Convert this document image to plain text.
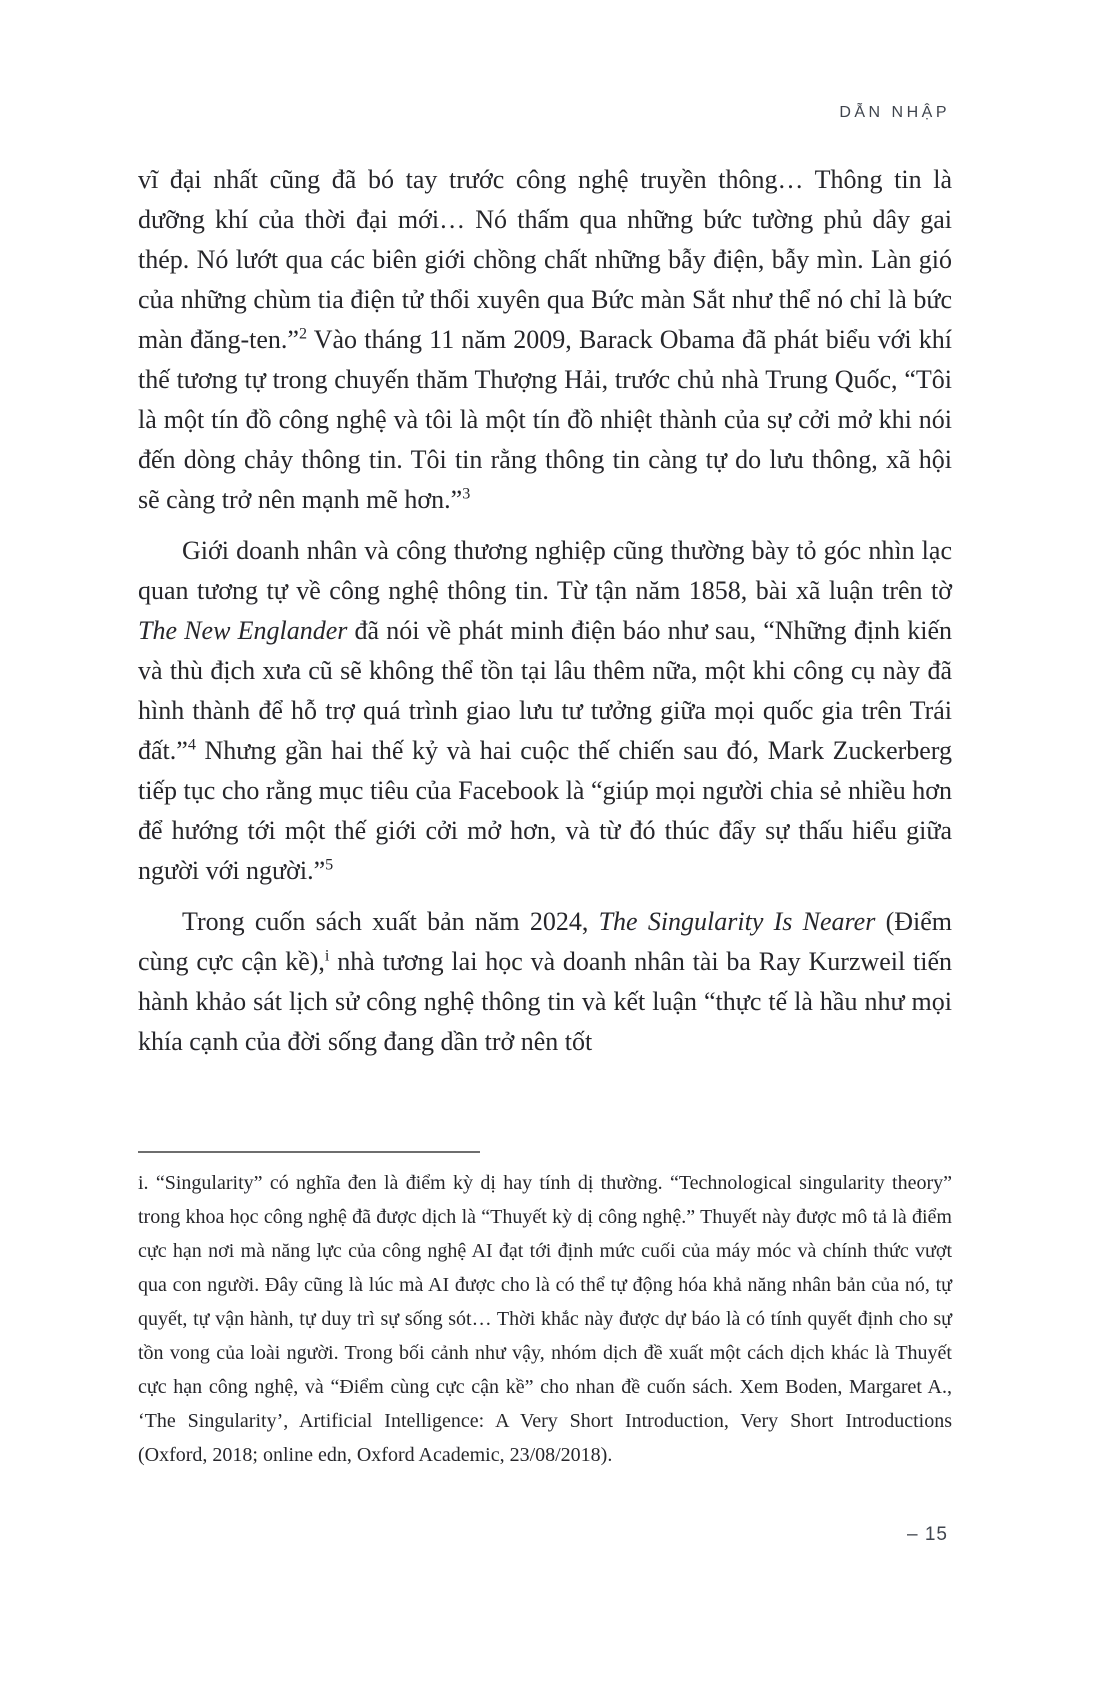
DẪN NHẬP

vĩ đại nhất cũng đã bó tay trước công nghệ truyền thông… Thông tin là dưỡng khí của thời đại mới… Nó thấm qua những bức tường phủ dây gai thép. Nó lướt qua các biên giới chồng chất những bẫy điện, bẫy mìn. Làn gió của những chùm tia điện tử thổi xuyên qua Bức màn Sắt như thể nó chỉ là bức màn đăng-ten.”$^2$ Vào tháng 11 năm 2009, Barack Obama đã phát biểu với khí thế tương tự trong chuyến thăm Thượng Hải, trước chủ nhà Trung Quốc, “Tôi là một tín đồ công nghệ và tôi là một tín đồ nhiệt thành của sự cởi mở khi nói đến dòng chảy thông tin. Tôi tin rằng thông tin càng tự do lưu thông, xã hội sẽ càng trở nên mạnh mẽ hơn.”$^3$

Giới doanh nhân và công thương nghiệp cũng thường bày tỏ góc nhìn lạc quan tương tự về công nghệ thông tin. Từ tận năm 1858, bài xã luận trên tờ The New Englander đã nói về phát minh điện báo như sau, “Những định kiến và thù địch xưa cũ sẽ không thể tồn tại lâu thêm nữa, một khi công cụ này đã hình thành để hỗ trợ quá trình giao lưu tư tưởng giữa mọi quốc gia trên Trái đất.”$^4$ Nhưng gần hai thế kỷ và hai cuộc thế chiến sau đó, Mark Zuckerberg tiếp tục cho rằng mục tiêu của Facebook là “giúp mọi người chia sẻ nhiều hơn để hướng tới một thế giới cởi mở hơn, và từ đó thúc đẩy sự thấu hiểu giữa người với người.”$^5$

Trong cuốn sách xuất bản năm 2024, The Singularity Is Nearer (Điểm cùng cực cận kề),$^i$ nhà tương lai học và doanh nhân tài ba Ray Kurzweil tiến hành khảo sát lịch sử công nghệ thông tin và kết luận “thực tế là hầu như mọi khía cạnh của đời sống đang dần trở nên tốt

i. “Singularity” có nghĩa đen là điểm kỳ dị hay tính dị thường. “Technological singularity theory” trong khoa học công nghệ đã được dịch là “Thuyết kỳ dị công nghệ.” Thuyết này được mô tả là điểm cực hạn nơi mà năng lực của công nghệ AI đạt tới định mức cuối của máy móc và chính thức vượt qua con người. Đây cũng là lúc mà AI được cho là có thể tự động hóa khả năng nhân bản của nó, tự quyết, tự vận hành, tự duy trì sự sống sót… Thời khắc này được dự báo là có tính quyết định cho sự tồn vong của loài người. Trong bối cảnh như vậy, nhóm dịch đề xuất một cách dịch khác là Thuyết cực hạn công nghệ, và “Điểm cùng cực cận kề” cho nhan đề cuốn sách. Xem Boden, Margaret A., ‘The Singularity’, Artificial Intelligence: A Very Short Introduction, Very Short Introductions (Oxford, 2018; online edn, Oxford Academic, 23/08/2018).

– 15
